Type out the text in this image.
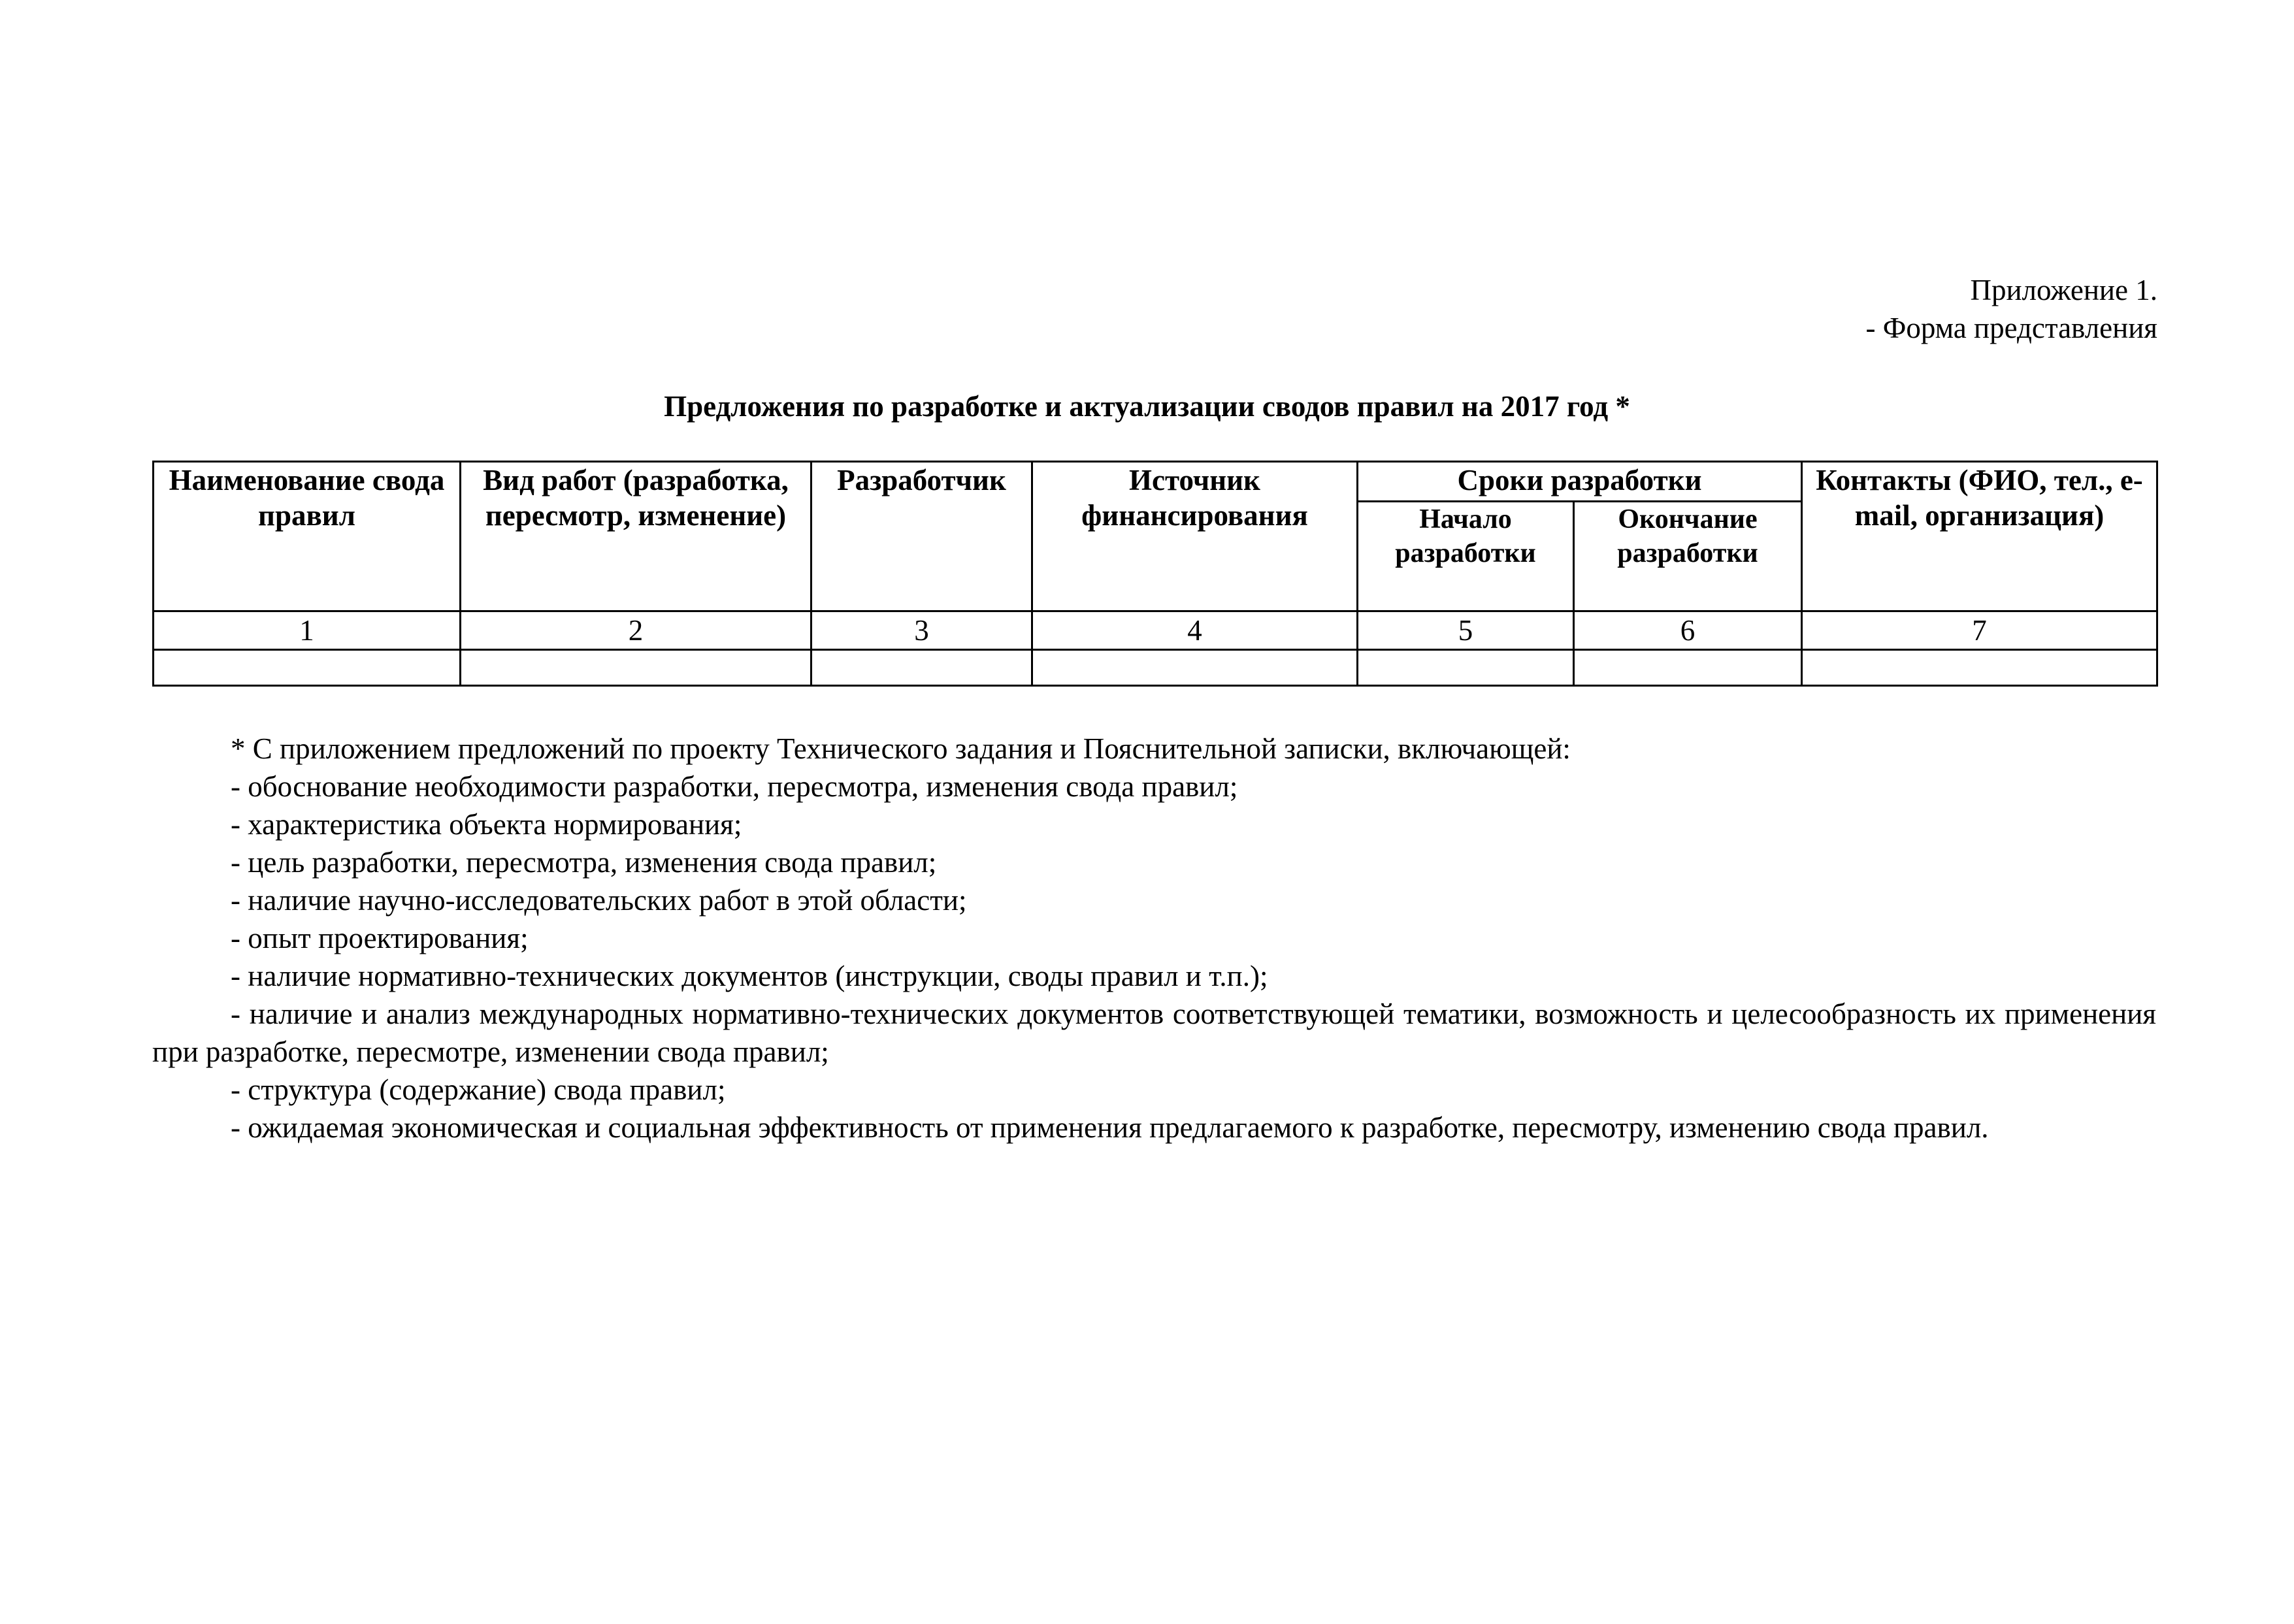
Приложение 1.
- Форма представления
Предложения по разработке и актуализации сводов правил на 2017 год *
Наименование свода правил	Вид работ (разработка, пересмотр, изменение)	Разработчик	Источник финансирования	Сроки разработки		Контакты (ФИО, тел., e-mail, организация)
				Начало разработки	Окончание разработки	
1	2	3	4	5	6	7

* С приложением предложений по проекту Технического задания и Пояснительной записки, включающей:

- обоснование необходимости разработки, пересмотра, изменения свода правил;

- характеристика объекта нормирования;

- цель разработки, пересмотра, изменения свода правил;

- наличие научно-исследовательских работ в этой области;

- опыт проектирования;

- наличие нормативно-технических документов (инструкции, своды правил и т.п.);

- наличие и анализ международных нормативно-технических документов соответствующей тематики, возможность и целесообразность их применения при разработке, пересмотре, изменении свода правил;

- структура (содержание) свода правил;

- ожидаемая экономическая и социальная эффективность от применения предлагаемого к разработке, пересмотру, изменению свода правил.
